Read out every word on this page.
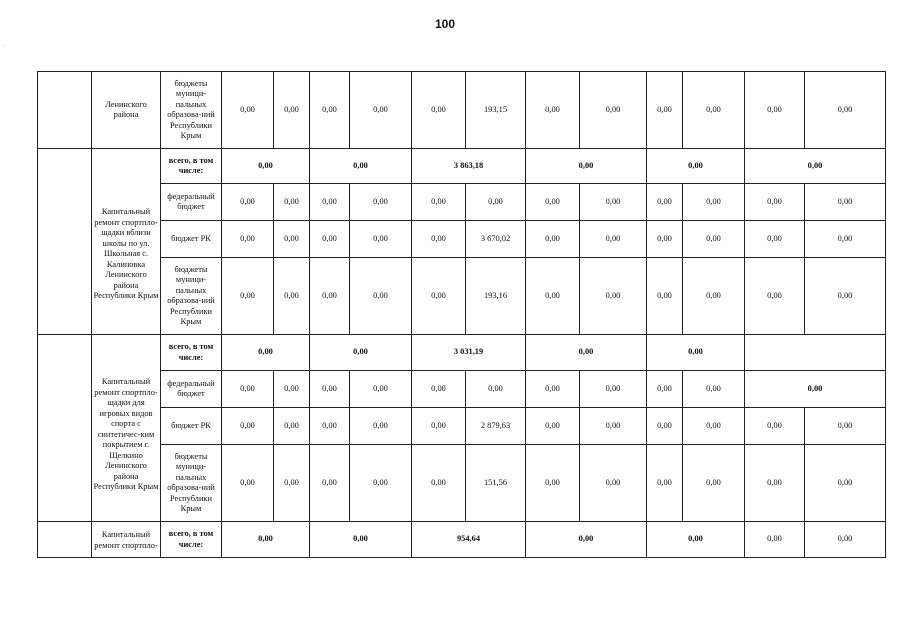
100
.
	Ленинского района	бюджеты муници-пальных образова-ний Республики Крым	0,00	0,00	0,00	0,00	0,00	193,15	0,00	0,00	0,00	0,00	0,00	0,00
	Капитальный ремонт спортпло-щадки вблизи школы по ул. Школьная с. Калиновка Ленинского района Республики Крым	всего, в том числе:	0,00		0,00		3 863,18		0,00		0,00		0,00	
		федеральный бюджет	0,00	0,00	0,00	0,00	0,00	0,00	0,00	0,00	0,00	0,00	0,00	0,00
		бюджет РК	0,00	0,00	0,00	0,00	0,00	3 670,02	0,00	0,00	0,00	0,00	0,00	0,00
		бюджеты муници-пальных образова-ний Республики Крым	0,00	0,00	0,00	0,00	0,00	193,16	0,00	0,00	0,00	0,00	0,00	0,00
	Капитальный ремонт спортпло-щадки для игровых видов спорта с синтетичес-ким покрытием г. Щелкино Ленинского района Республики Крым	всего, в том числе:	0,00		0,00		3 031,19		0,00		0,00			
		федеральный бюджет	0,00	0,00	0,00	0,00	0,00	0,00	0,00	0,00	0,00	0,00	0,00	
		бюджет РК	0,00	0,00	0,00	0,00	0,00	2 879,63	0,00	0,00	0,00	0,00	0,00	0,00
		бюджеты муници-пальных образова-ний Республики Крым	0,00	0,00	0,00	0,00	0,00	151,56	0,00	0,00	0,00	0,00	0,00	0,00
	Капитальный ремонт спортпло-	всего, в том числе:	0,00		0,00		954,64		0,00		0,00		0,00	0,00
